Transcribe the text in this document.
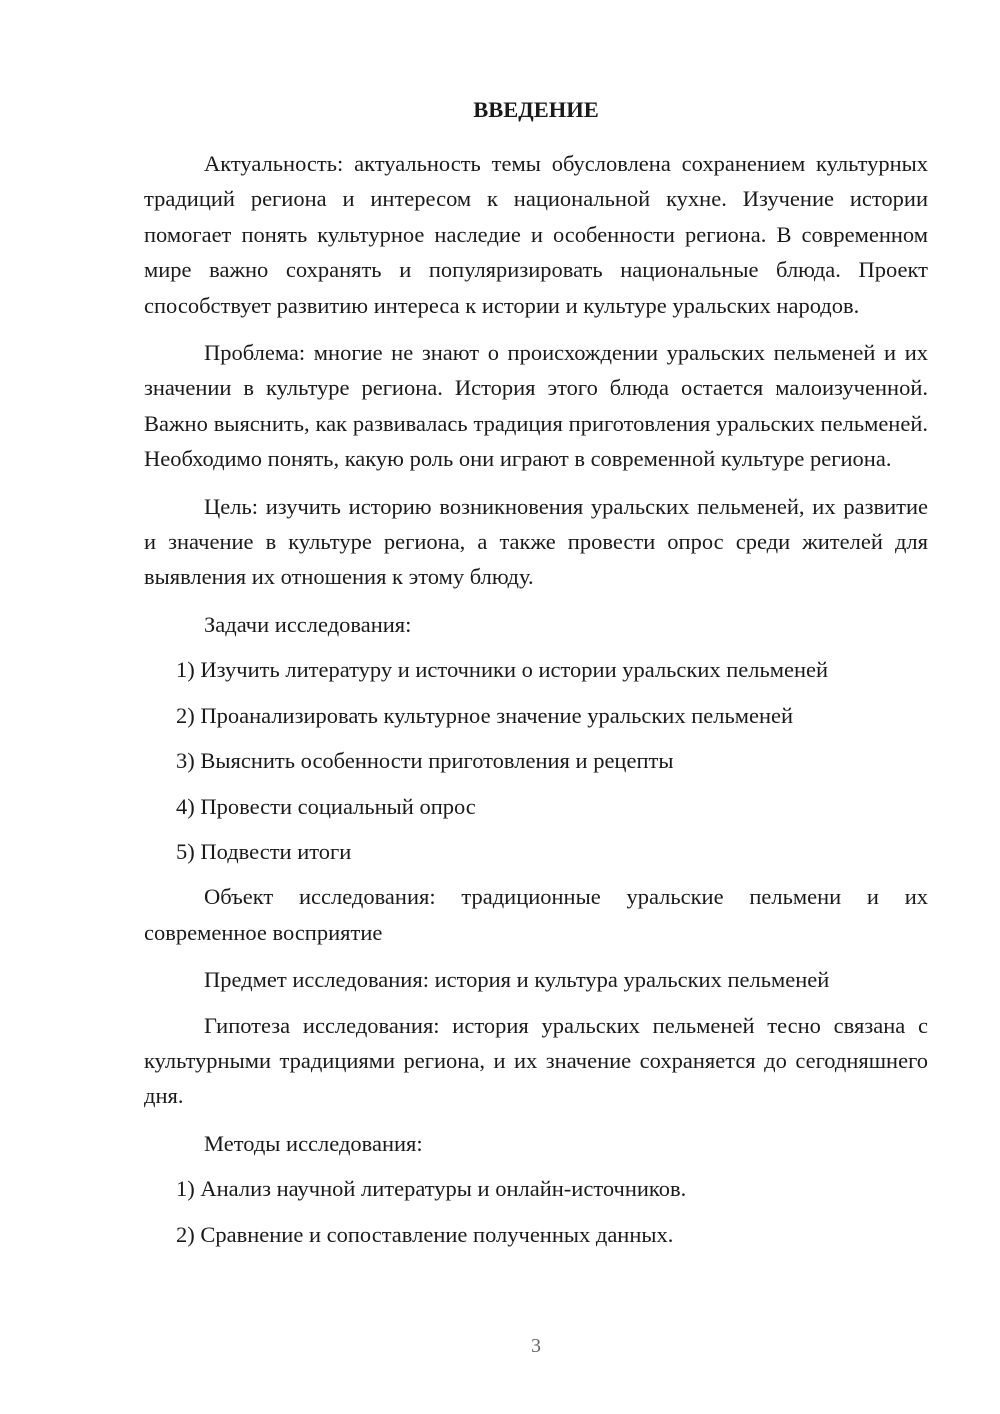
ВВЕДЕНИЕ

Актуальность: актуальность темы обусловлена сохранением культурных традиций региона и интересом к национальной кухне. Изучение истории помогает понять культурное наследие и особенности региона. В современном мире важно сохранять и популяризировать национальные блюда. Проект способствует развитию интереса к истории и культуре уральских народов.

Проблема: многие не знают о происхождении уральских пельменей и их значении в культуре региона. История этого блюда остается малоизученной. Важно выяснить, как развивалась традиция приготовления уральских пельменей. Необходимо понять, какую роль они играют в современной культуре региона.

Цель: изучить историю возникновения уральских пельменей, их развитие и значение в культуре региона, а также провести опрос среди жителей для выявления их отношения к этому блюду.

Задачи исследования:

1) Изучить литературу и источники о истории уральских пельменей
2) Проанализировать культурное значение уральских пельменей
3) Выяснить особенности приготовления и рецепты
4) Провести социальный опрос
5) Подвести итоги

Объект исследования: традиционные уральские пельмени и их современное восприятие

Предмет исследования: история и культура уральских пельменей

Гипотеза исследования: история уральских пельменей тесно связана с культурными традициями региона, и их значение сохраняется до сегодняшнего дня.

Методы исследования:

1) Анализ научной литературы и онлайн-источников.
2) Сравнение и сопоставление полученных данных.
3
